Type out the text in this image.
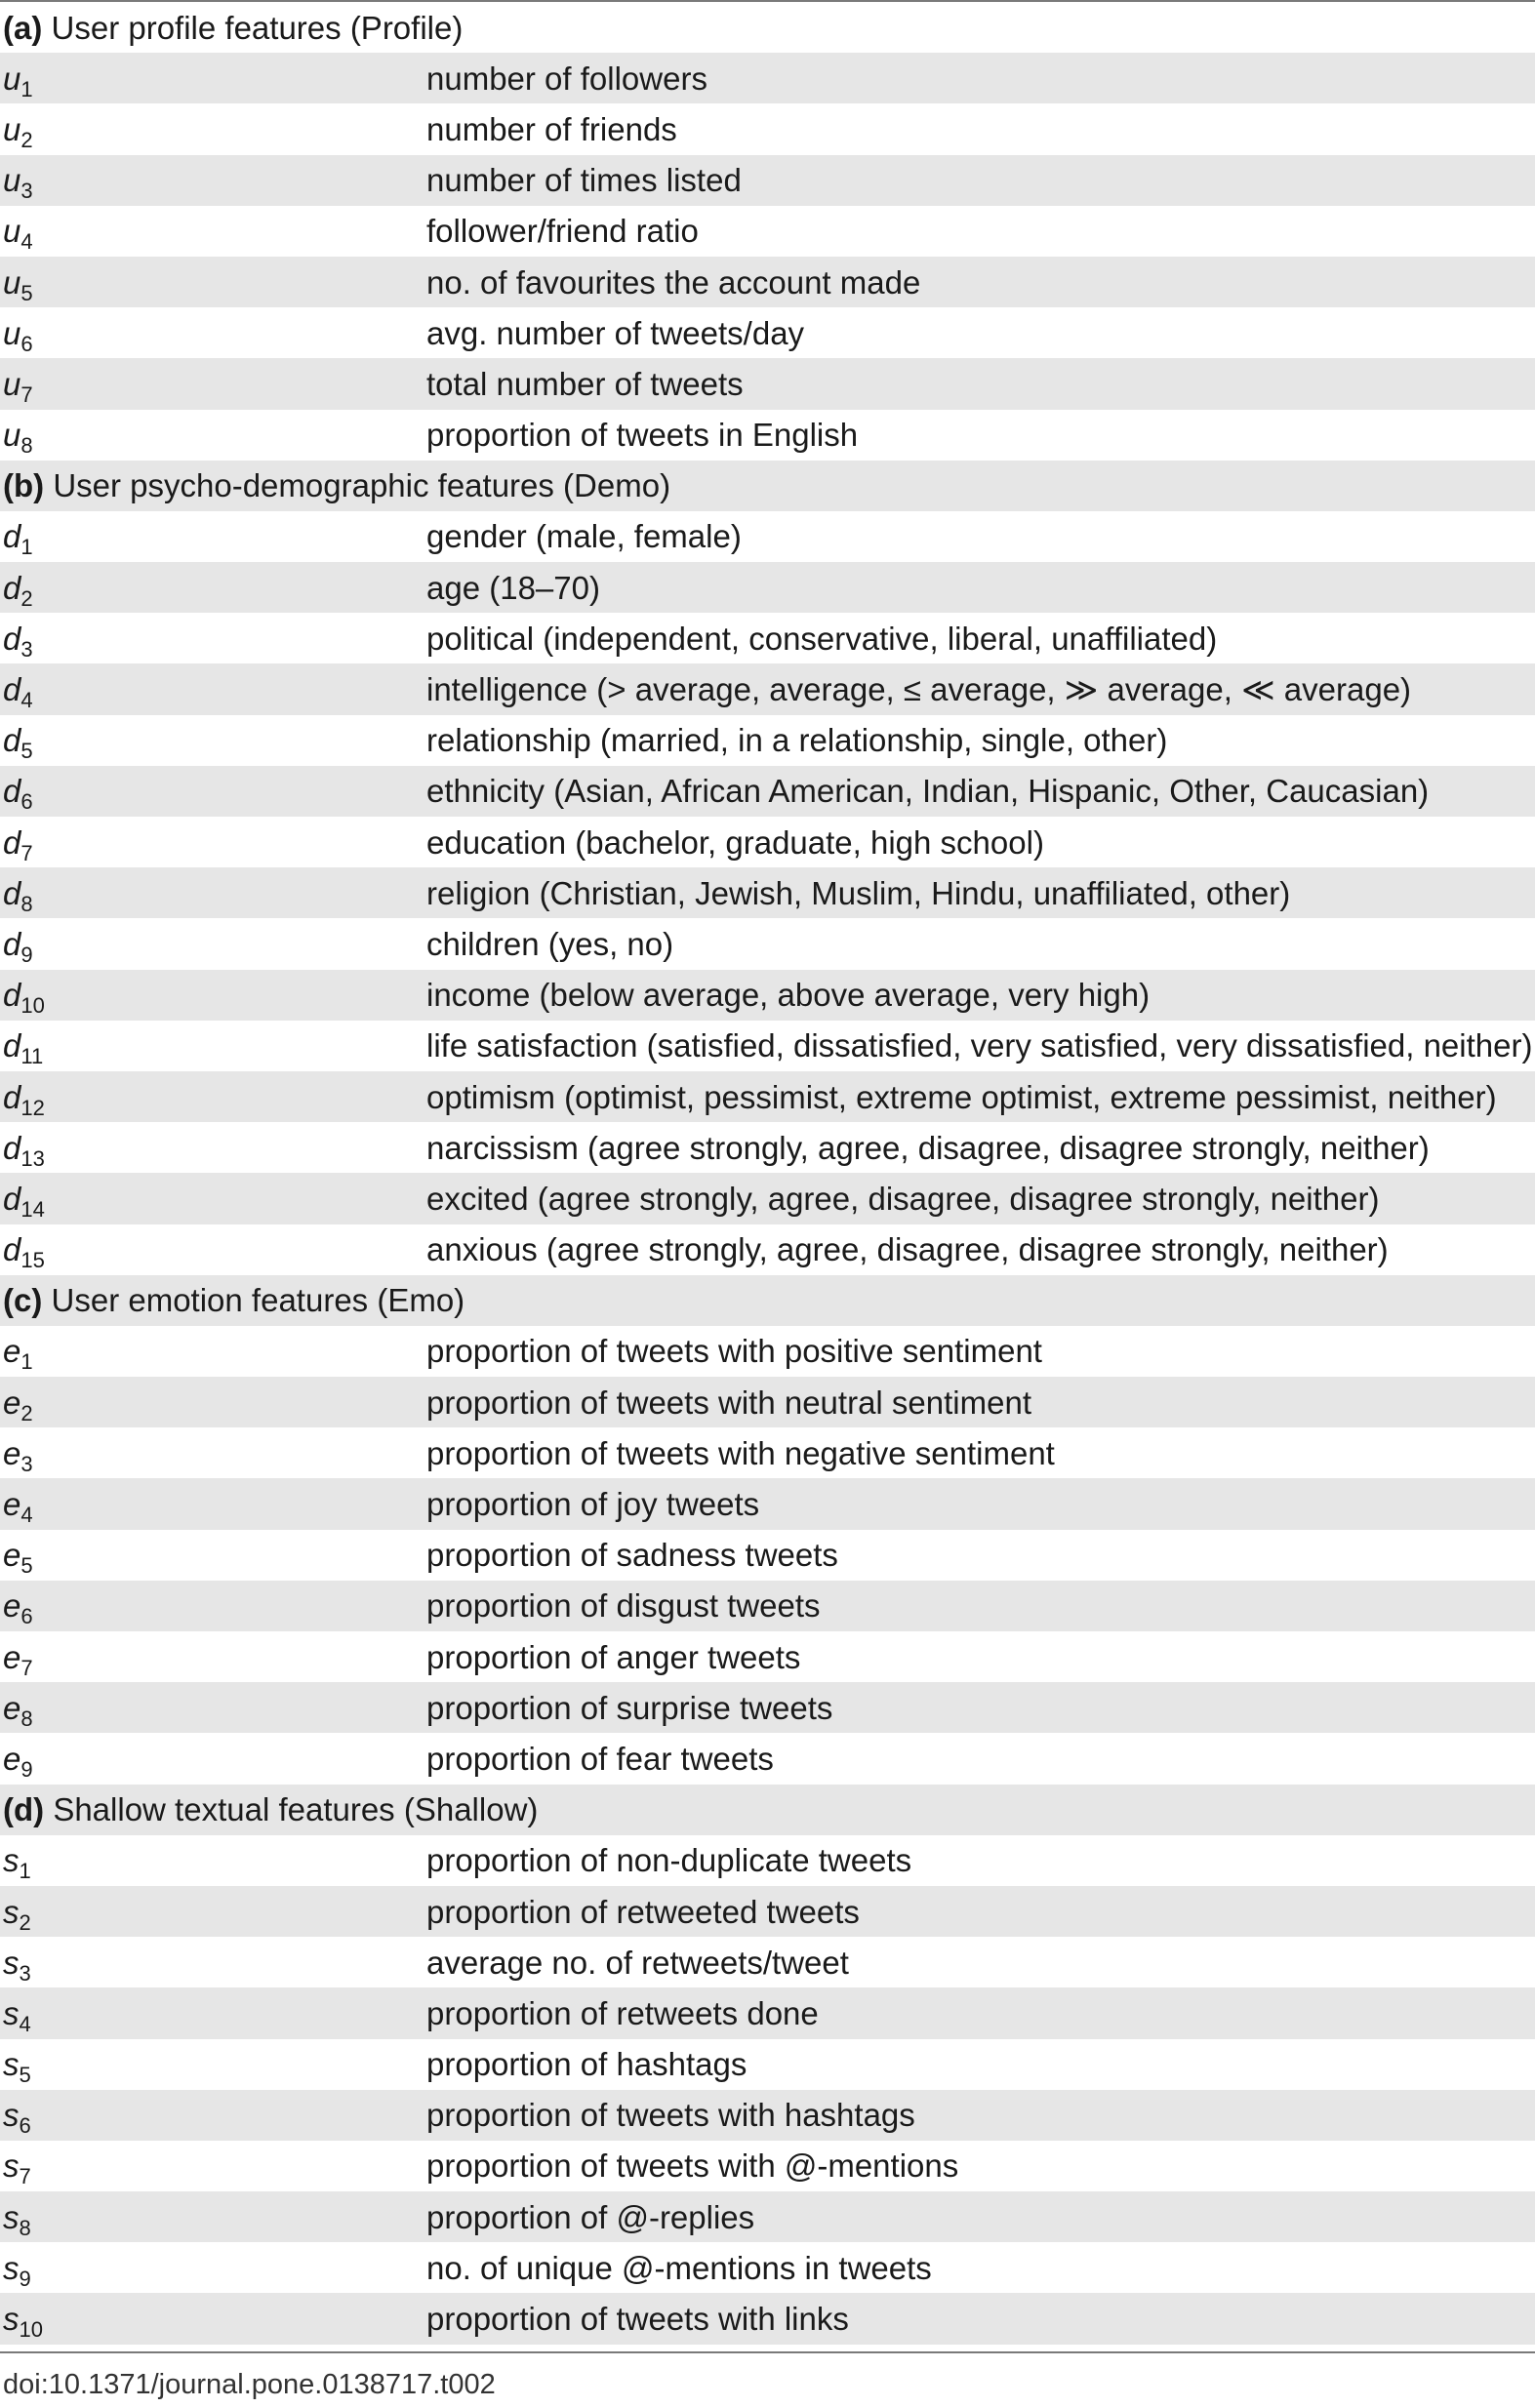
(a) User profile features (Profile)
$u_1$	number of followers
$u_2$	number of friends
$u_3$	number of times listed
$u_4$	follower/friend ratio
$u_5$	no. of favourites the account made
$u_6$	avg. number of tweets/day
$u_7$	total number of tweets
$u_8$	proportion of tweets in English
(b) User psycho-demographic features (Demo)
$d_1$	gender (male, female)
$d_2$	age (18–70)
$d_3$	political (independent, conservative, liberal, unaffiliated)
$d_4$	intelligence (> average, average, ≤ average, ≫ average, ≪ average)
$d_5$	relationship (married, in a relationship, single, other)
$d_6$	ethnicity (Asian, African American, Indian, Hispanic, Other, Caucasian)
$d_7$	education (bachelor, graduate, high school)
$d_8$	religion (Christian, Jewish, Muslim, Hindu, unaffiliated, other)
$d_9$	children (yes, no)
$d_{10}$	income (below average, above average, very high)
$d_{11}$	life satisfaction (satisfied, dissatisfied, very satisfied, very dissatisfied, neither)
$d_{12}$	optimism (optimist, pessimist, extreme optimist, extreme pessimist, neither)
$d_{13}$	narcissism (agree strongly, agree, disagree, disagree strongly, neither)
$d_{14}$	excited (agree strongly, agree, disagree, disagree strongly, neither)
$d_{15}$	anxious (agree strongly, agree, disagree, disagree strongly, neither)
(c) User emotion features (Emo)
$e_1$	proportion of tweets with positive sentiment
$e_2$	proportion of tweets with neutral sentiment
$e_3$	proportion of tweets with negative sentiment
$e_4$	proportion of joy tweets
$e_5$	proportion of sadness tweets
$e_6$	proportion of disgust tweets
$e_7$	proportion of anger tweets
$e_8$	proportion of surprise tweets
$e_9$	proportion of fear tweets
(d) Shallow textual features (Shallow)
$s_1$	proportion of non-duplicate tweets
$s_2$	proportion of retweeted tweets
$s_3$	average no. of retweets/tweet
$s_4$	proportion of retweets done
$s_5$	proportion of hashtags
$s_6$	proportion of tweets with hashtags
$s_7$	proportion of tweets with @-mentions
$s_8$	proportion of @-replies
$s_9$	no. of unique @-mentions in tweets
$s_{10}$	proportion of tweets with links
doi:10.1371/journal.pone.0138717.t002
